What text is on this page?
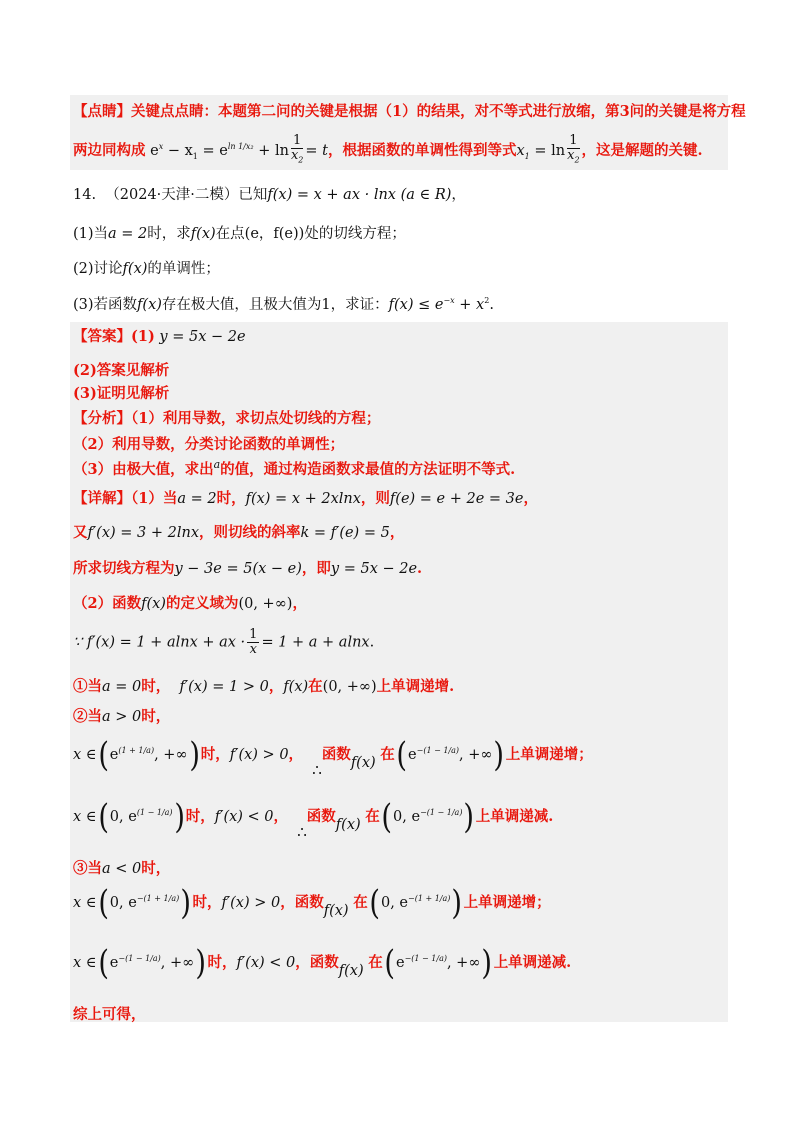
【点睛】关键点点睛：本题第二问的关键是根据（1）的结果，对不等式进行放缩，第3问的关键是将方程
两边同构成 $e^x - x_1 = e^{ln 1/x_2} + \ln \frac{1}{x_2} = t$，根据函数的单调性得到等式$x_1 = \ln \frac{1}{x_2}$ ，这是解题的关键.
14. （2024·天津·二模）已知f(x) = x + ax · lnx (a ∈ R)，
(1)当a = 2时，求f(x)在点(e，f(e))处的切线方程；
(2)讨论f(x)的单调性；
(3)若函数f(x)存在极大值，且极大值为1，求证：$f(x) \le e^{-x} + x^2$.
【答案】(1) y = 5x − 2e
(2)答案见解析
(3)证明见解析
【分析】（1）利用导数，求切点处切线的方程；
（2）利用导数，分类讨论函数的单调性；
（3）由极大值，求出$^a$的值，通过构造函数求最值的方法证明不等式.
【详解】（1）当a = 2时，f(x) = x + 2xlnx，则f(e) = e + 2e = 3e，
又f′(x) = 3 + 2lnx，则切线的斜率k = f′(e) = 5，
所求切线方程为y − 3e = 5(x − e)，即y = 5x − 2e.
（2）函数f(x)的定义域为(0, +∞)，
∵ f′(x) = 1 + alnx + ax · $\frac{1}{x} = 1 + a + alnx$.
①当a = 0时， f′(x) = 1 > 0，f(x)在(0, +∞)上单调递增.
②当a > 0时，
x $\in(e^{(1 + 1/a)}$, +∞)时，f′(x) > 0，  ∴函数f(x) 在($e^{-(1 - 1/a)}$, +∞)上单调递增；
x ∈(0, $e^{(1 - 1/a)}$)时，f′(x) < 0，  ∴函数f(x) 在(0, $e^{-(1 - 1/a)}$)上单调递减.
③当a < 0时，
x ∈(0, $e^{-(1 + 1/a)}$)时，f′(x) > 0，函数f(x) 在(0, $e^{-(1 + 1/a)}$)上单调递增；
x $\in(e^{-(1 - 1/a)}$, +∞)时，f′(x) < 0，函数f(x) 在($e^{-(1 - 1/a)}$, +∞)上单调递减.
综上可得，
